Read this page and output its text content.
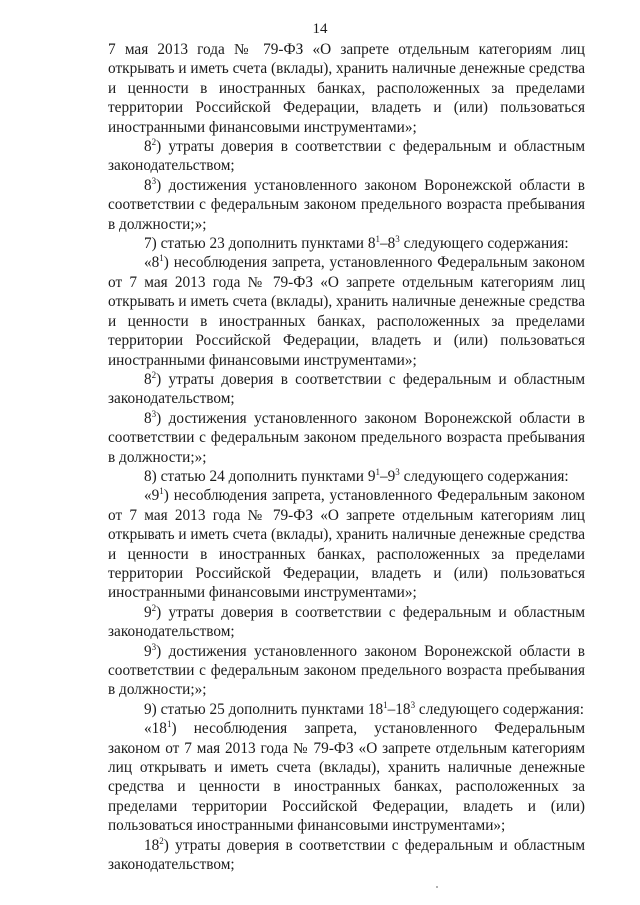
14

7 мая 2013 года № 79-ФЗ «О запрете отдельным категориям лиц открывать и иметь счета (вклады), хранить наличные денежные средства и ценности в иностранных банках, расположенных за пределами территории Российской Федерации, владеть и (или) пользоваться иностранными финансовыми инструментами»;

$8^2$) утраты доверия в соответствии с федеральным и областным законодательством;

$8^3$) достижения установленного законом Воронежской области в соответствии с федеральным законом предельного возраста пребывания в должности;»;

7) статью 23 дополнить пунктами $8^1-8^3$ следующего содержания:

«$8^1$) несоблюдения запрета, установленного Федеральным законом от 7 мая 2013 года № 79-ФЗ «О запрете отдельным категориям лиц открывать и иметь счета (вклады), хранить наличные денежные средства и ценности в иностранных банках, расположенных за пределами территории Российской Федерации, владеть и (или) пользоваться иностранными финансовыми инструментами»;

$8^2$) утраты доверия в соответствии с федеральным и областным законодательством;

$8^3$) достижения установленного законом Воронежской области в соответствии с федеральным законом предельного возраста пребывания в должности;»;

8) статью 24 дополнить пунктами $9^1-9^3$ следующего содержания:

«$9^1$) несоблюдения запрета, установленного Федеральным законом от 7 мая 2013 года № 79-ФЗ «О запрете отдельным категориям лиц открывать и иметь счета (вклады), хранить наличные денежные средства и ценности в иностранных банках, расположенных за пределами территории Российской Федерации, владеть и (или) пользоваться иностранными финансовыми инструментами»;

$9^2$) утраты доверия в соответствии с федеральным и областным законодательством;

$9^3$) достижения установленного законом Воронежской области в соответствии с федеральным законом предельного возраста пребывания в должности;»;

9) статью 25 дополнить пунктами $18^1-18^3$ следующего содержания:

«$18^1$) несоблюдения запрета, установленного Федеральным законом от 7 мая 2013 года № 79-ФЗ «О запрете отдельным категориям лиц открывать и иметь счета (вклады), хранить наличные денежные средства и ценности в иностранных банках, расположенных за пределами территории Российской Федерации, владеть и (или) пользоваться иностранными финансовыми инструментами»;

$18^2$) утраты доверия в соответствии с федеральным и областным законодательством;
